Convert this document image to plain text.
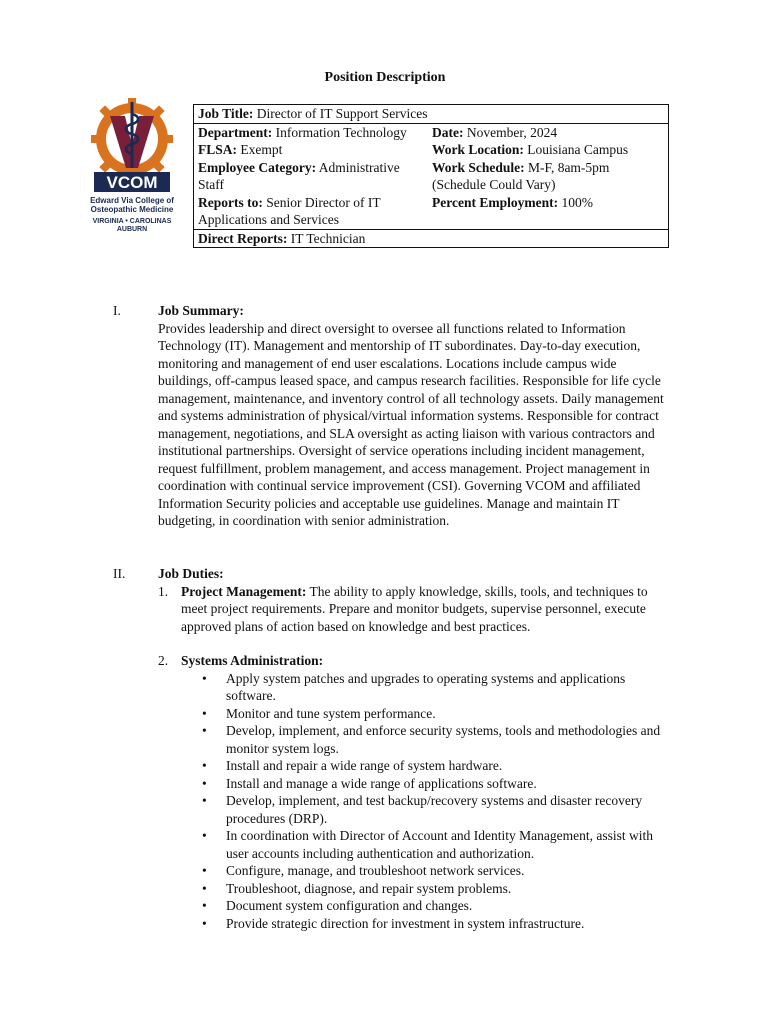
Position Description
VCOM
Edward Via College of
Osteopathic Medicine
VIRGINIA • CAROLINAS
AUBURN
Job Title: Director of IT Support Services	
Department: Information Technology	Date: November, 2024
FLSA: Exempt	Work Location: Louisiana Campus
Employee Category: Administrative Staff	Work Schedule: M-F, 8am-5pm (Schedule Could Vary)
Reports to: Senior Director of IT Applications and Services	Percent Employment: 100%
Direct Reports: IT Technician	
I.	Job Summary:
Provides leadership and direct oversight to oversee all functions related to Information Technology (IT). Management and mentorship of IT subordinates. Day-to-day execution, monitoring and management of end user escalations. Locations include campus wide buildings, off-campus leased space, and campus research facilities. Responsible for life cycle management, maintenance, and inventory control of all technology assets. Daily management and systems administration of physical/virtual information systems. Responsible for contract management, negotiations, and SLA oversight as acting liaison with various contractors and institutional partnerships. Oversight of service operations including incident management, request fulfillment, problem management, and access management. Project management in coordination with continual service improvement (CSI). Governing VCOM and affiliated Information Security policies and acceptable use guidelines. Manage and maintain IT budgeting, in coordination with senior administration.
II. Job Duties:
1. Project Management: The ability to apply knowledge, skills, tools, and techniques to meet project requirements. Prepare and monitor budgets, supervise personnel, execute approved plans of action based on knowledge and best practices.
2. Systems Administration:
• Apply system patches and upgrades to operating systems and applications software.
• Monitor and tune system performance.
• Develop, implement, and enforce security systems, tools and methodologies and monitor system logs.
• Install and repair a wide range of system hardware.
• Install and manage a wide range of applications software.
• Develop, implement, and test backup/recovery systems and disaster recovery procedures (DRP).
• In coordination with Director of Account and Identity Management, assist with user accounts including authentication and authorization.
• Configure, manage, and troubleshoot network services.
• Troubleshoot, diagnose, and repair system problems.
• Document system configuration and changes.
• Provide strategic direction for investment in system infrastructure.
